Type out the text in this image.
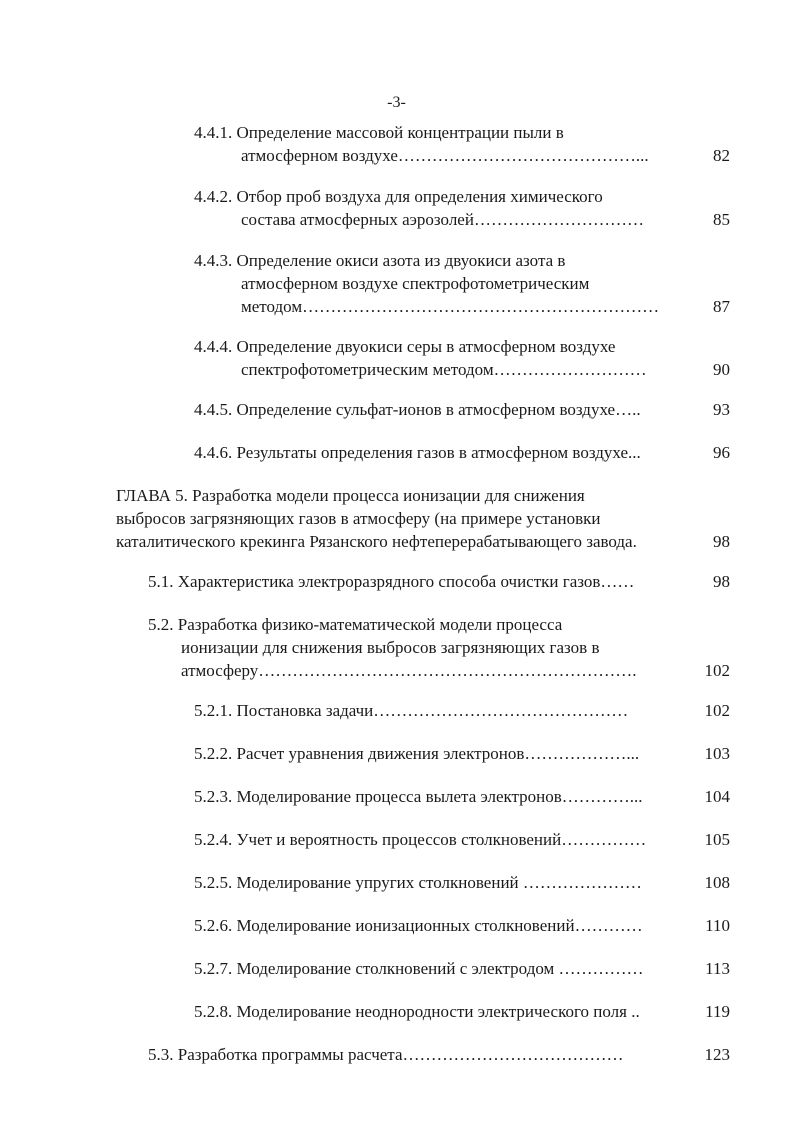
-3-
4.4.1. Определение массовой концентрации пыли в
атмосферном воздухе……………………………………...	82
4.4.2. Отбор проб воздуха для определения химического
состава атмосферных аэрозолей…………………………	85
4.4.3. Определение окиси азота из двуокиси азота в
атмосферном воздухе спектрофотометрическим
методом………………………………………………………	87
4.4.4. Определение двуокиси серы в атмосферном воздухе
спектрофотометрическим методом………………………	90
4.4.5. Определение сульфат-ионов в атмосферном воздухе…..	93
4.4.6. Результаты определения газов в атмосферном воздухе...	96
ГЛАВА 5. Разработка модели процесса ионизации для снижения
выбросов загрязняющих газов в атмосферу (на примере установки
каталитического крекинга Рязанского нефтеперерабатывающего завода.	98
5.1. Характеристика электроразрядного способа очистки газов……	98
5.2. Разработка физико-математической модели процесса
ионизации для снижения выбросов загрязняющих газов в
атмосферу………………………………………………………….	102
5.2.1. Постановка задачи………………………………………	102
5.2.2. Расчет уравнения движения электронов………………...	103
5.2.3. Моделирование процесса вылета электронов…………...	104
5.2.4. Учет и вероятность процессов столкновений……………	105
5.2.5. Моделирование упругих столкновений …………………	108
5.2.6. Моделирование ионизационных столкновений…………	110
5.2.7. Моделирование столкновений с электродом ……………	113
5.2.8. Моделирование неоднородности электрического поля ..	119
5.3. Разработка программы расчета…………………………………	123
